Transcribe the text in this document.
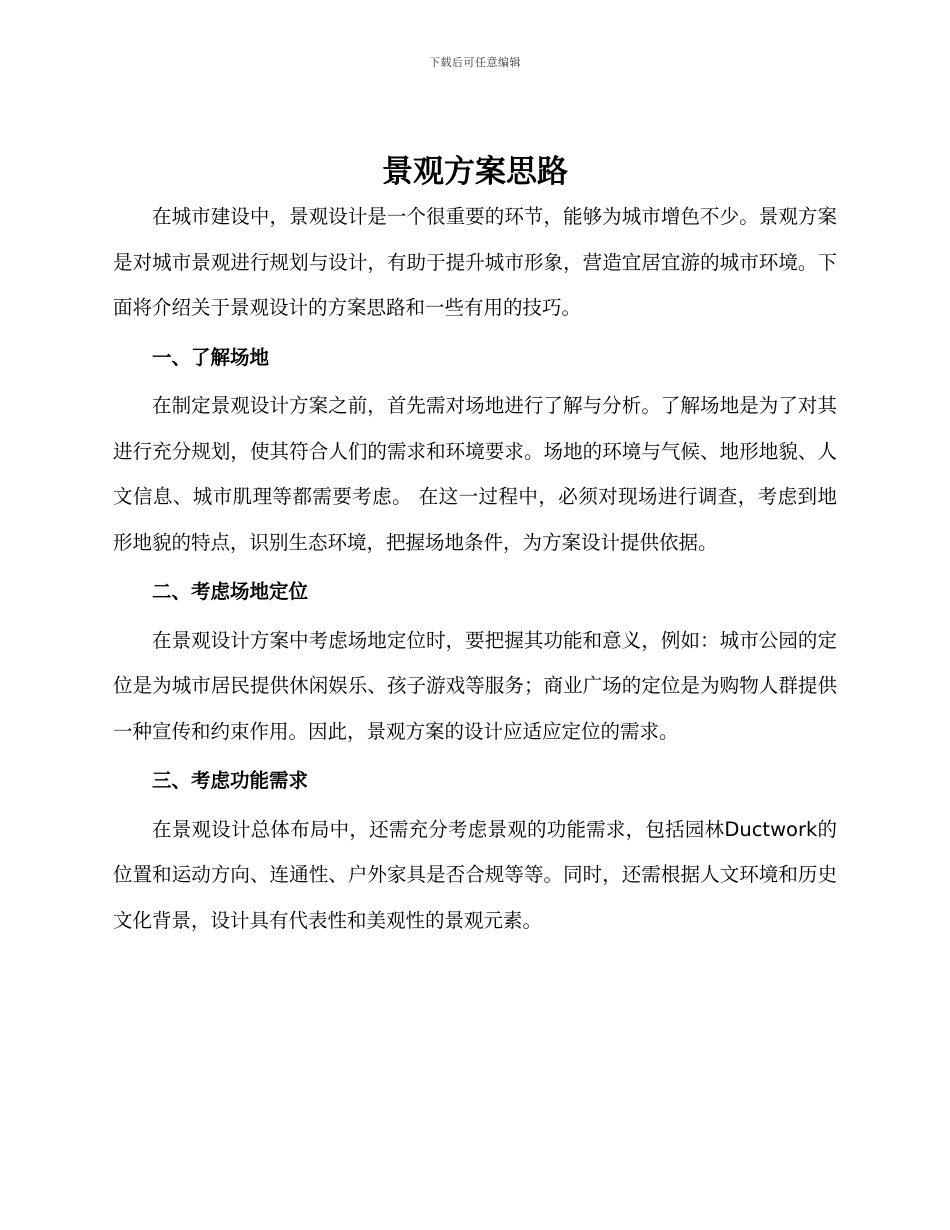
下载后可任意编辑
景观方案思路

在城市建设中，景观设计是一个很重要的环节，能够为城市增色不少。景观方案是对城市景观进行规划与设计，有助于提升城市形象，营造宜居宜游的城市环境。下面将介绍关于景观设计的方案思路和一些有用的技巧。

一、了解场地

在制定景观设计方案之前，首先需对场地进行了解与分析。了解场地是为了对其进行充分规划，使其符合人们的需求和环境要求。场地的环境与气候、地形地貌、人文信息、城市肌理等都需要考虑。 在这一过程中，必须对现场进行调查，考虑到地形地貌的特点，识别生态环境，把握场地条件，为方案设计提供依据。

二、考虑场地定位

在景观设计方案中考虑场地定位时，要把握其功能和意义，例如：城市公园的定位是为城市居民提供休闲娱乐、孩子游戏等服务；商业广场的定位是为购物人群提供一种宣传和约束作用。因此，景观方案的设计应适应定位的需求。

三、考虑功能需求

在景观设计总体布局中，还需充分考虑景观的功能需求，包括园林Ductwork的位置和运动方向、连通性、户外家具是否合规等等。同时，还需根据人文环境和历史文化背景，设计具有代表性和美观性的景观元素。
